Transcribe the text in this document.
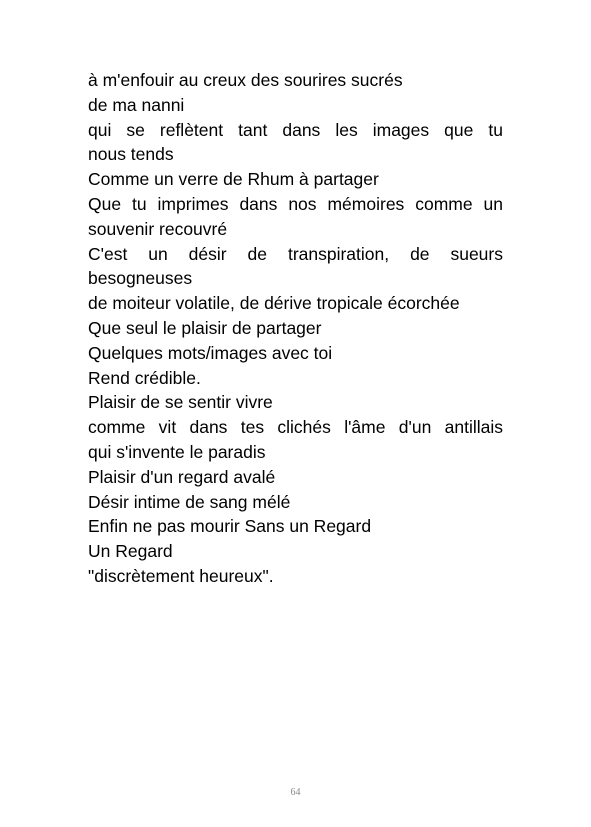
à m'enfouir au creux des sourires sucrés
de ma nanni
qui se reflètent tant dans les images que tu
nous tends
Comme un verre de Rhum à partager
Que tu imprimes dans nos mémoires comme un
souvenir recouvré
C'est un désir de transpiration, de sueurs
besogneuses
de moiteur volatile, de dérive tropicale écorchée
Que seul le plaisir de partager
Quelques mots/images avec toi
Rend crédible.
Plaisir de se sentir vivre
comme vit dans tes clichés l'âme d'un antillais
qui s'invente le paradis
Plaisir d'un regard avalé
Désir intime de sang mélé
Enfin ne pas mourir Sans un Regard
Un Regard
"discrètement heureux".
64
